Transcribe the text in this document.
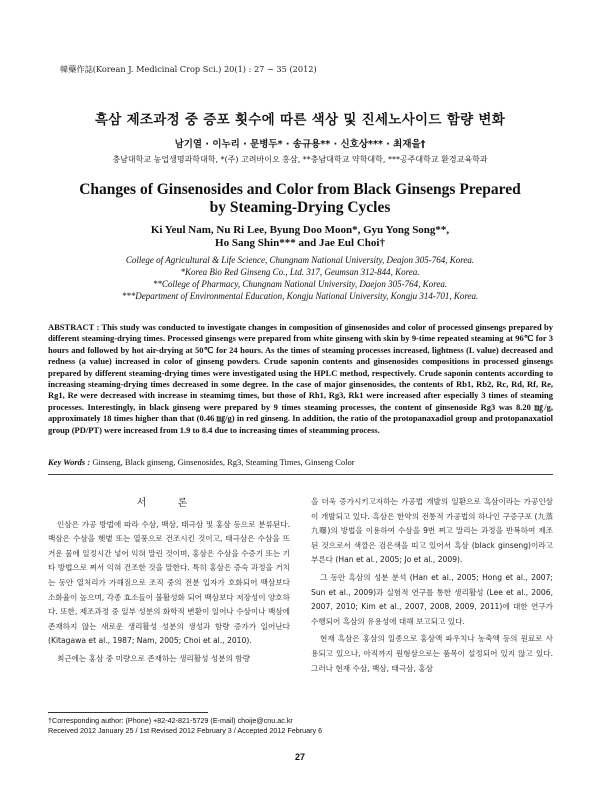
韓藥作誌(Korean J. Medicinal Crop Sci.) 20(1) : 27 − 35 (2012)
흑삼 제조과정 중 증포 횟수에 따른 색상 및 진세노사이드 함량 변화
남기열 · 이누리 · 문병두* · 송규용** · 신호상*** · 최재을†
충남대학교 농업생명과학대학, *(주) 고려바이오 홍삼, **충남대학교 약학대학, ***공주대학교 환경교육학과
Changes of Ginsenosides and Color from Black Ginsengs Prepared
by Steaming-Drying Cycles
Ki Yeul Nam, Nu Ri Lee, Byung Doo Moon*, Gyu Yong Song**,
Ho Sang Shin*** and Jae Eul Choi†
College of Agricultural & Life Science, Chungnam National University, Deajon 305-764, Korea.
*Korea Bio Red Ginseng Co., Ltd. 317, Geumsan 312-844, Korea.
**College of Pharmacy, Chungnam National University, Daejon 305-764, Korea.
***Department of Environmental Education, Kongju National University, Kongju 314-701, Korea.
ABSTRACT : This study was conducted to investigate changes in composition of ginsenosides and color of processed ginsengs prepared by different steaming-drying times. Processed ginsengs were prepared from white ginseng with skin by 9-time repeated steaming at 96℃ for 3 hours and followed by hot air-drying at 50℃ for 24 hours. As the times of steaming processes increased, lightness (L value) decreased and redness (a value) increased in color of ginseng powders. Crude saponin contents and ginsenosides compositions in processed ginsengs prepared by different steaming-drying times were investigated using the HPLC method, respectively. Crude saponin contents according to increasing steaming-drying times decreased in some degree. In the case of major ginsenosides, the contents of Rb1, Rb2, Rc, Rd, Rf, Re, Rg1, Re were decreased with increase in steamimg times, but those of Rh1, Rg3, Rk1 were increased after especially 3 times of steaming processes. Interestingly, in black ginseng were prepared by 9 times steaming processes, the content of ginsenoside Rg3 was 8.20 ㎎/g, approximately 18 times higher than that (0.46 ㎎/g) in red ginseng. In addition, the ratio of the protopanaxadiol group and protopanaxatiol group (PD/PT) were increased from 1.9 to 8.4 due to increasing times of steamming process.
Key Words : Ginseng, Black ginseng, Ginsenosides, Rg3, Steaming Times, Ginseng Color
서 론

인삼은 가공 방법에 따라 수삼, 백삼, 태극삼 및 홍삼 등으로 분류된다. 백삼은 수삼을 햇볕 또는 열풍으로 건조시킨 것이고, 태극삼은 수삼을 뜨거운 물에 일정시간 넣어 익혀 말린 것이며, 홍삼은 수삼을 수증기 또는 기타 방법으로 쪄서 익혀 건조한 것을 말한다. 특히 홍삼은 증숙 과정을 거치는 동안 열처리가 가해짐으로 조직 중의 전분 입자가 호화되어 백삼보다 소화율이 높으며, 각종 효소들이 불활성화 되어 백삼보다 저장성이 양호하다. 또한, 제조과정 중 일부 성분의 화학적 변환이 일어나 수삼이나 백삼에 존재하지 않는 새로운 생리활성 성분의 생성과 함량 증가가 일어난다 (Kitagawa et al., 1987; Nam, 2005; Choi et al., 2010).

최근에는 홍삼 중 미량으로 존재하는 생리활성 성분의 함량

을 더욱 증가시키고자하는 가공법 개발의 일환으로 흑삼이라는 가공인삼이 개발되고 있다. 흑삼은 한약의 전통적 가공법의 하나인 구증구포 (九蒸九曝)의 방법을 이용하여 수삼을 9번 쪄고 말리는 과정을 반복하여 제조된 것으로서 색깔은 검은색을 띠고 있어서 흑삼 (black ginseng)이라고 부른다 (Han et al., 2005; Jo et al., 2009).

그 동안 흑삼의 성분 분석 (Han et al., 2005; Hong et al., 2007; Sun et al., 2009)과 실험적 연구를 통한 생리활성 (Lee et al., 2006, 2007, 2010; Kim et al., 2007, 2008, 2009, 2011)에 대한 연구가 수행되어 흑삼의 유용성에 대해 보고되고 있다.

현재 흑삼은 홍삼의 일종으로 홍삼액 파우치나 농축액 등의 원료로 사용되고 있으나, 아직까지 원형삼으로는 품목이 설정되어 있지 않고 있다. 그러나 현재 수삼, 백삼, 태극삼, 홍삼

†Corresponding author: (Phone) +82-42-821-5729 (E-mail) choije@cnu.ac.kr
Received 2012 January 25 / 1st Revised 2012 February 3 / Accepted 2012 February 6
27
